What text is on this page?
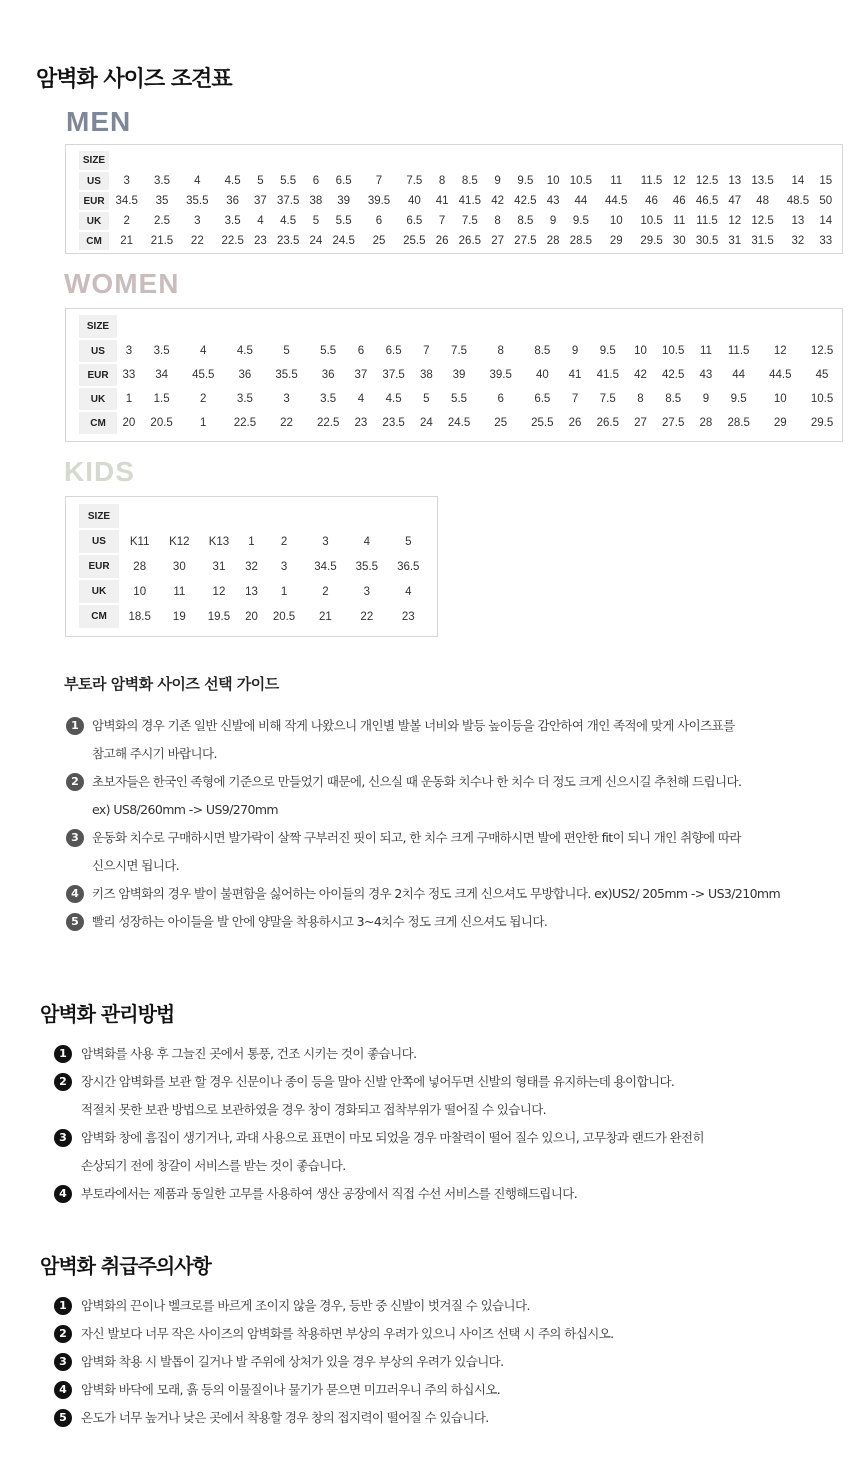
암벽화 사이즈 조견표
MEN
SIZE																								
US	3	3.5	4	4.5	5	5.5	6	6.5	7	7.5	8	8.5	9	9.5	10	10.5	11	11.5	12	12.5	13	13.5	14	15
EUR	34.5	35	35.5	36	37	37.5	38	39	39.5	40	41	41.5	42	42.5	43	44	44.5	46	46	46.5	47	48	48.5	50
UK	2	2.5	3	3.5	4	4.5	5	5.5	6	6.5	7	7.5	8	8.5	9	9.5	10	10.5	11	11.5	12	12.5	13	14
CM	21	21.5	22	22.5	23	23.5	24	24.5	25	25.5	26	26.5	27	27.5	28	28.5	29	29.5	30	30.5	31	31.5	32	33
WOMEN
SIZE																				
US	3	3.5	4	4.5	5	5.5	6	6.5	7	7.5	8	8.5	9	9.5	10	10.5	11	11.5	12	12.5
EUR	33	34	45.5	36	35.5	36	37	37.5	38	39	39.5	40	41	41.5	42	42.5	43	44	44.5	45
UK	1	1.5	2	3.5	3	3.5	4	4.5	5	5.5	6	6.5	7	7.5	8	8.5	9	9.5	10	10.5
CM	20	20.5	1	22.5	22	22.5	23	23.5	24	24.5	25	25.5	26	26.5	27	27.5	28	28.5	29	29.5
KIDS
SIZE								
US	K11	K12	K13	1	2	3	4	5
EUR	28	30	31	32	3	34.5	35.5	36.5
UK	10	11	12	13	1	2	3	4
CM	18.5	19	19.5	20	20.5	21	22	23
부토라 암벽화 사이즈 선택 가이드
1	암벽화의 경우 기존 일반 신발에 비해 작게 나왔으니 개인별 발볼 너비와 발등 높이등을 감안하여 개인 족적에 맞게 사이즈표를
참고해 주시기 바랍니다.
2	초보자들은 한국인 족형에 기준으로 만들었기 때문에, 신으실 때 운동화 치수나 한 치수 더 정도 크게 신으시길 추천해 드립니다.
ex) US8/260mm -> US9/270mm
3	운동화 치수로 구매하시면 발가락이 살짝 구부러진 핏이 되고, 한 치수 크게 구매하시면 발에 편안한 fit이 되니 개인 취향에 따라
신으시면 됩니다.
4	키즈 암벽화의 경우 발이 불편함을 싫어하는 아이들의 경우 2치수 정도 크게 신으셔도 무방합니다. ex)US2/ 205mm -> US3/210mm
5	빨리 성장하는 아이들을 발 안에 양말을 착용하시고 3~4치수 정도 크게 신으셔도 됩니다.
암벽화 관리방법
1	암벽화를 사용 후 그늘진 곳에서 통풍, 건조 시키는 것이 좋습니다.
2	장시간 암벽화를 보관 할 경우 신문이나 종이 등을 말아 신발 안쪽에 넣어두면 신발의 형태를 유지하는데 용이합니다.
적절치 못한 보관 방법으로 보관하였을 경우 창이 경화되고 접착부위가 떨어질 수 있습니다.
3	암벽화 창에 흠집이 생기거나, 과대 사용으로 표면이 마모 되었을 경우 마찰력이 떨어 질수 있으니, 고무창과 랜드가 완전히
손상되기 전에 창갈이 서비스를 받는 것이 좋습니다.
4	부토라에서는 제품과 동일한 고무를 사용하여 생산 공장에서 직접 수선 서비스를 진행해드립니다.
암벽화 취급주의사항
1	암벽화의 끈이나 벨크로를 바르게 조이지 않을 경우, 등반 중 신발이 벗겨질 수 있습니다.
2	자신 발보다 너무 작은 사이즈의 암벽화를 착용하면 부상의 우려가 있으니 사이즈 선택 시 주의 하십시오.
3	암벽화 착용 시 발톱이 길거나 발 주위에 상처가 있을 경우 부상의 우려가 있습니다.
4	암벽화 바닥에 모래, 흙 등의 이물질이나 물기가 묻으면 미끄러우니 주의 하십시오.
5	온도가 너무 높거나 낮은 곳에서 착용할 경우 창의 접지력이 떨어질 수 있습니다.
